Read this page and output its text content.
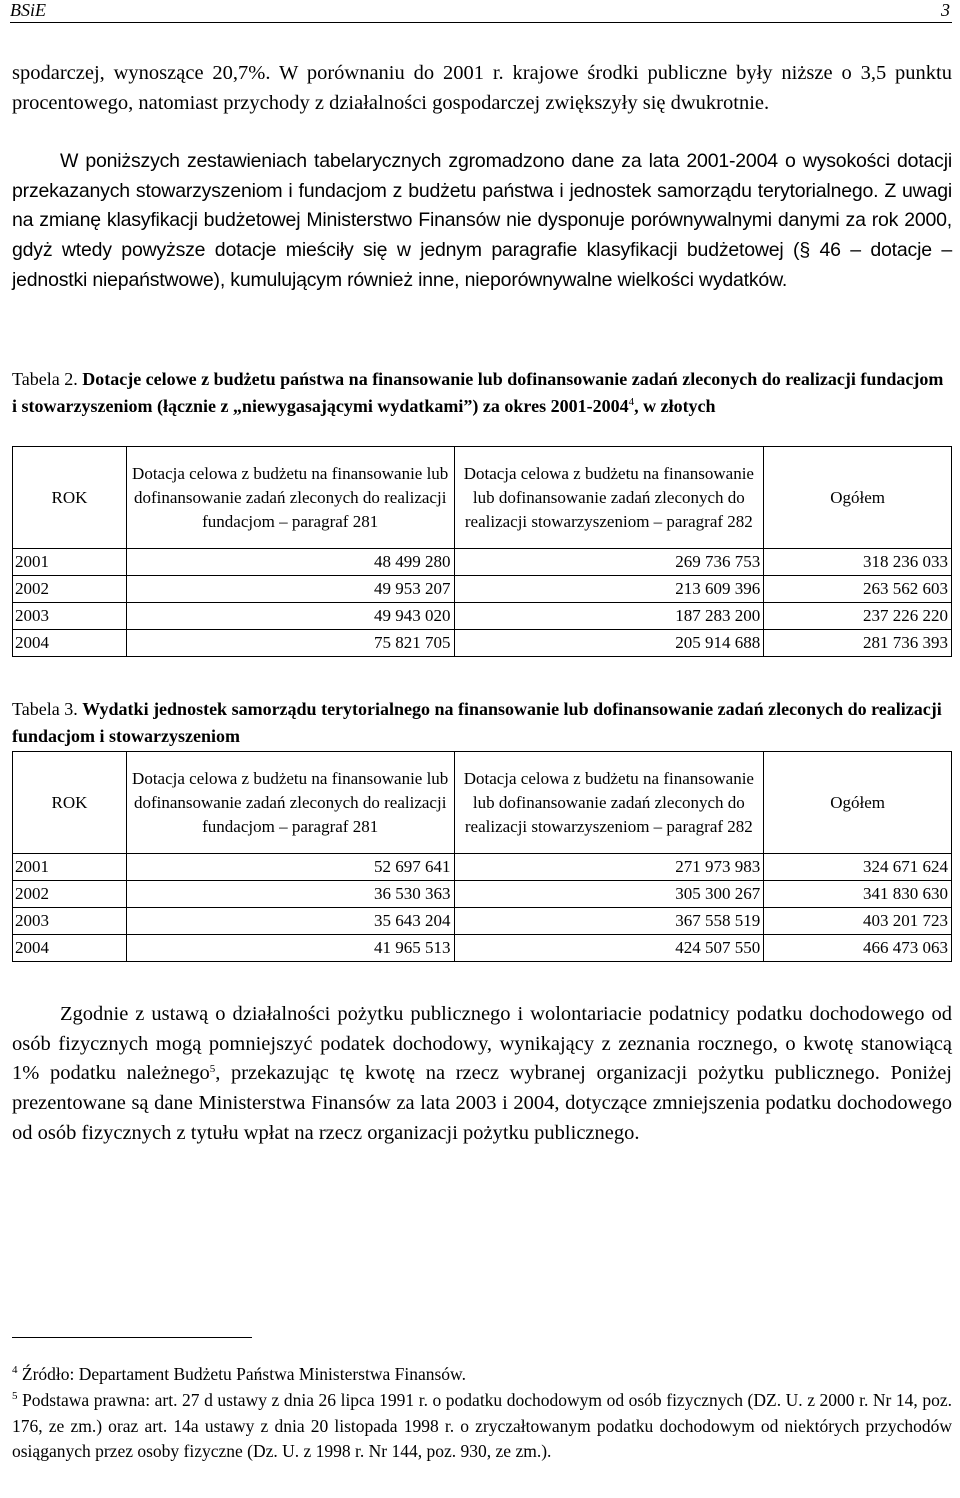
BSiE	3
spodarczej, wynoszące 20,7%. W porównaniu do 2001 r. krajowe środki publiczne były niższe o 3,5 punktu procentowego, natomiast przychody z działalności gospodarczej zwiększyły się dwukrotnie.
W poniższych zestawieniach tabelarycznych zgromadzono dane za lata 2001-2004 o wysokości dotacji przekazanych stowarzyszeniom i fundacjom z budżetu państwa i jednostek samorządu terytorialnego. Z uwagi na zmianę klasyfikacji budżetowej Ministerstwo Finansów nie dysponuje porównywalnymi danymi za rok 2000, gdyż wtedy powyższe dotacje mieściły się w jednym paragrafie klasyfikacji budżetowej (§ 46 – dotacje – jednostki niepaństwowe), kumulującym również inne, nieporównywalne wielkości wydatków.
Tabela 2. Dotacje celowe z budżetu państwa na finansowanie lub dofinansowanie zadań zleconych do realizacji fundacjom i stowarzyszeniom (łącznie z „niewygasającymi wydatkami”) za okres 2001-2004$^4$, w złotych
ROK	Dotacja celowa z budżetu na finansowanie lub dofinansowanie zadań zleconych do realizacji fundacjom – paragraf 281	Dotacja celowa z budżetu na finansowanie lub dofinansowanie zadań zleconych do realizacji stowarzyszeniom – paragraf 282	Ogółem
2001	48 499 280	269 736 753	318 236 033
2002	49 953 207	213 609 396	263 562 603
2003	49 943 020	187 283 200	237 226 220
2004	75 821 705	205 914 688	281 736 393
Tabela 3. Wydatki jednostek samorządu terytorialnego na finansowanie lub dofinansowanie zadań zleconych do realizacji fundacjom i stowarzyszeniom
ROK	Dotacja celowa z budżetu na finansowanie lub dofinansowanie zadań zleconych do realizacji fundacjom – paragraf 281	Dotacja celowa z budżetu na finansowanie lub dofinansowanie zadań zleconych do realizacji stowarzyszeniom – paragraf 282	Ogółem
2001	52 697 641	271 973 983	324 671 624
2002	36 530 363	305 300 267	341 830 630
2003	35 643 204	367 558 519	403 201 723
2004	41 965 513	424 507 550	466 473 063
Zgodnie z ustawą o działalności pożytku publicznego i wolontariacie podatnicy podatku dochodowego od osób fizycznych mogą pomniejszyć podatek dochodowy, wynikający z zeznania rocznego, o kwotę stanowiącą 1% podatku należnego$^5$, przekazując tę kwotę na rzecz wybranej organizacji pożytku publicznego. Poniżej prezentowane są dane Ministerstwa Finansów za lata 2003 i 2004, dotyczące zmniejszenia podatku dochodowego od osób fizycznych z tytułu wpłat na rzecz organizacji pożytku publicznego.
$^4$ Źródło: Departament Budżetu Państwa Ministerstwa Finansów.
$^5$ Podstawa prawna: art. 27 d ustawy z dnia 26 lipca 1991 r. o podatku dochodowym od osób fizycznych (DZ. U. z 2000 r. Nr 14, poz. 176, ze zm.) oraz art. 14a ustawy z dnia 20 listopada 1998 r. o zryczałtowanym podatku dochodowym od niektórych przychodów osiąganych przez osoby fizyczne (Dz. U. z 1998 r. Nr 144, poz. 930, ze zm.).
